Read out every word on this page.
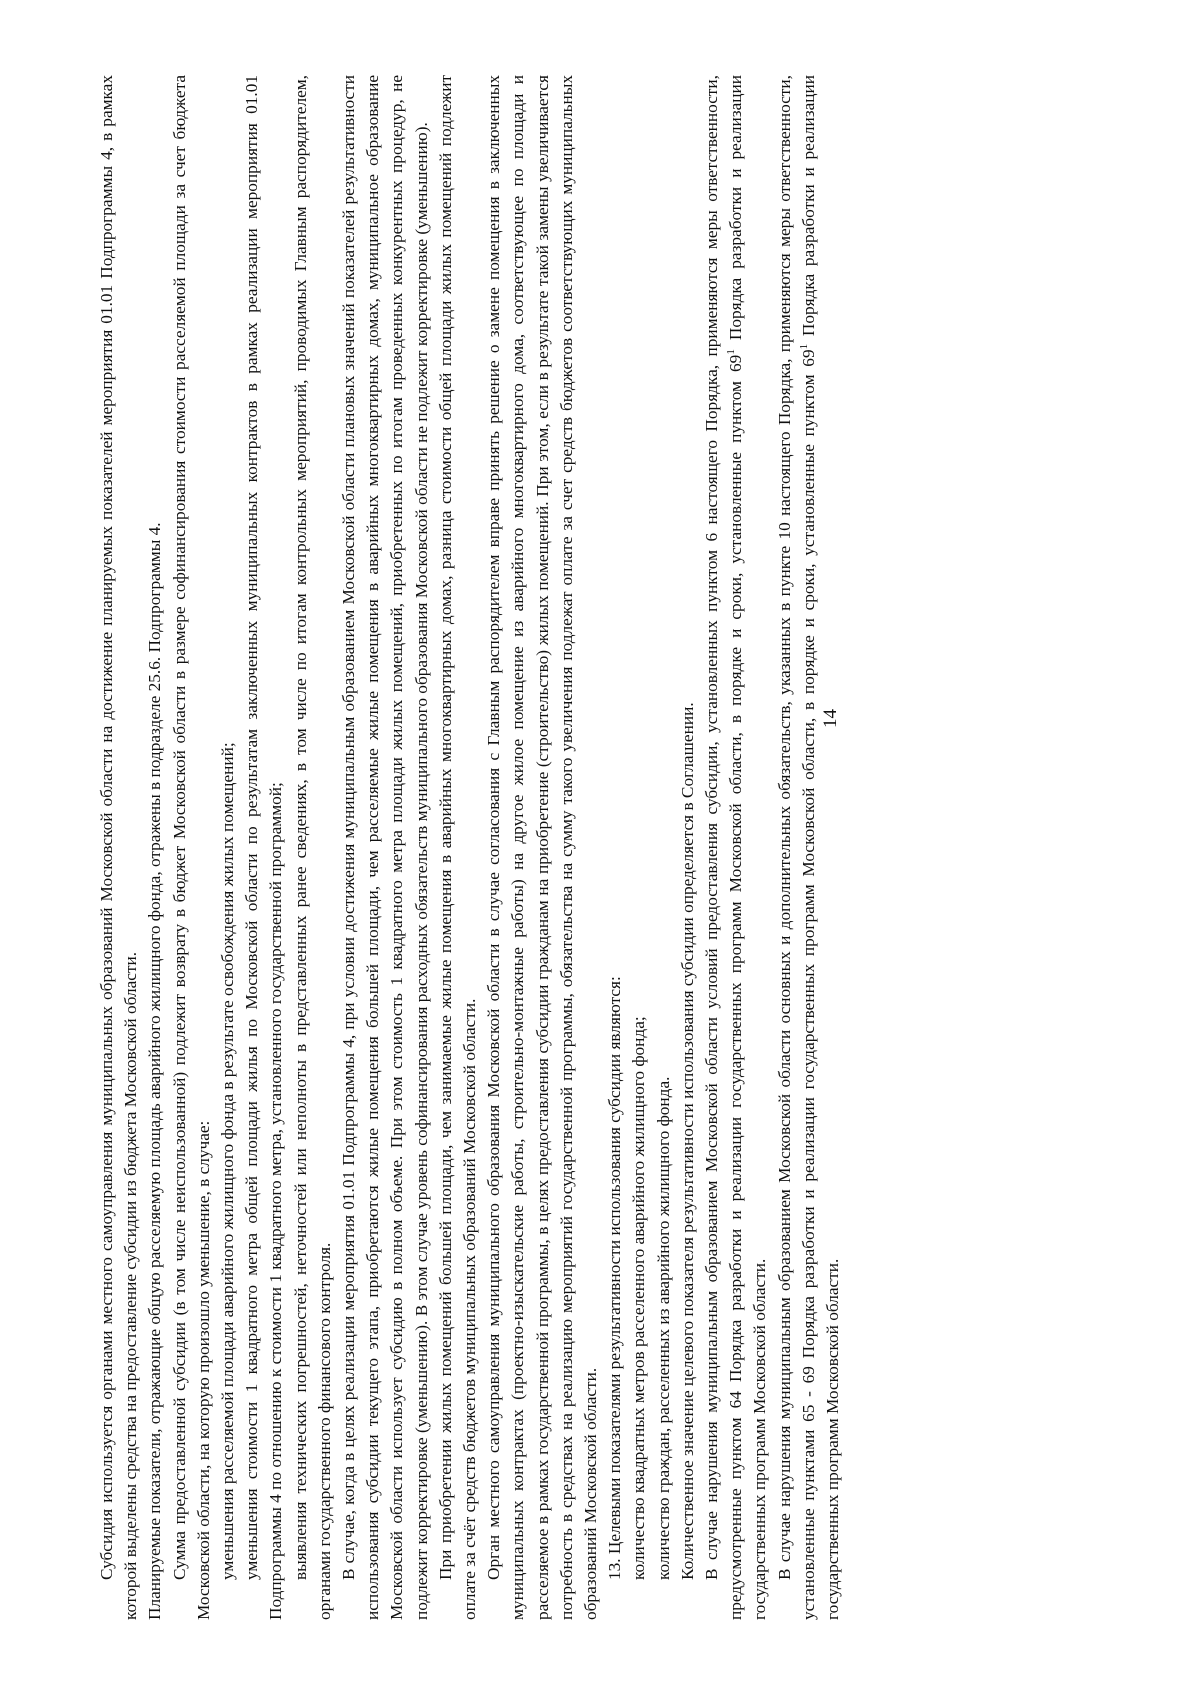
14

Субсидия используется органами местного самоуправления муниципальных образований Московской области на достижение планируемых показателей мероприятия 01.01 Подпрограммы 4, в рамках которой выделены средства на предоставление субсидии из бюджета Московской области. Планируемые показатели, отражающие общую расселяемую площадь аварийного жилищного фонда, отражены в подразделе 25.6. Подпрограммы 4. Сумма предоставленной субсидии (в том числе неиспользованной) подлежит возврату в бюджет Московской области в размере софинансирования стоимости расселяемой площади за счет бюджета Московской области, на которую произошло уменьшение, в случае: уменьшения расселяемой площади аварийного жилищного фонда в результате освобождения жилых помещений; уменьшения стоимости 1 квадратного метра общей площади жилья по Московской области по результатам заключенных муниципальных контрактов в рамках реализации мероприятия 01.01 Подпрограммы 4 по отношению к стоимости 1 квадратного метра, установленного государственной программой; выявления технических погрешностей, неточностей или неполноты в представленных ранее сведениях, в том числе по итогам контрольных мероприятий, проводимых Главным распорядителем, органами государственного финансового контроля. В случае, когда в целях реализации мероприятия 01.01 Подпрограммы 4, при условии достижения муниципальным образованием Московской области плановых значений показателей результативности использования субсидии текущего этапа, приобретаются жилые помещения большей площади, чем расселяемые жилые помещения в аварийных многоквартирных домах, муниципальное образование Московской области использует субсидию в полном объеме. При этом стоимость 1 квадратного метра площади жилых помещений, приобретенных по итогам проведенных конкурентных процедур, не подлежит корректировке (уменьшению). В этом случае уровень софинансирования расходных обязательств муниципального образования Московской области не подлежит корректировке (уменьшению). При приобретении жилых помещений большей площади, чем занимаемые жилые помещения в аварийных многоквартирных домах, разница стоимости общей площади жилых помещений подлежит оплате за счёт средств бюджетов муниципальных образований Московской области. Орган местного самоуправления муниципального образования Московской области в случае согласования с Главным распорядителем вправе принять решение о замене помещения в заключенных муниципальных контрактах (проектно-изыскательские работы, строительно-монтажные работы) на другое жилое помещение из аварийного многоквартирного дома, соответствующее по площади и расселяемое в рамках государственной программы, в целях предоставления субсидии гражданам на приобретение (строительство) жилых помещений. При этом, если в результате такой замены увеличивается потребность в средствах на реализацию мероприятий государственной программы, обязательства на сумму такого увеличения подлежат оплате за счет средств бюджетов соответствующих муниципальных образований Московской области. 13. Целевыми показателями результативности использования субсидии являются: количество квадратных метров расселенного аварийного жилищного фонда; количество граждан, расселенных из аварийного жилищного фонда. Количественное значение целевого показателя результативности использования субсидии определяется в Соглашении. В случае нарушения муниципальным образованием Московской области условий предоставления субсидии, установленных пунктом 6 настоящего Порядка, применяются меры ответственности, предусмотренные пунктом 64 Порядка разработки и реализации государственных программ Московской области, в порядке и сроки, установленные пунктом $69^1$ Порядка разработки и реализации государственных программ Московской области. В случае нарушения муниципальным образованием Московской области основных и дополнительных обязательств, указанных в пункте 10 настоящего Порядка, применяются меры ответственности, установленные пунктами 65 - 69 Порядка разработки и реализации государственных программ Московской области, в порядке и сроки, установленные пунктом $69^1$ Порядка разработки и реализации государственных программ Московской области.
